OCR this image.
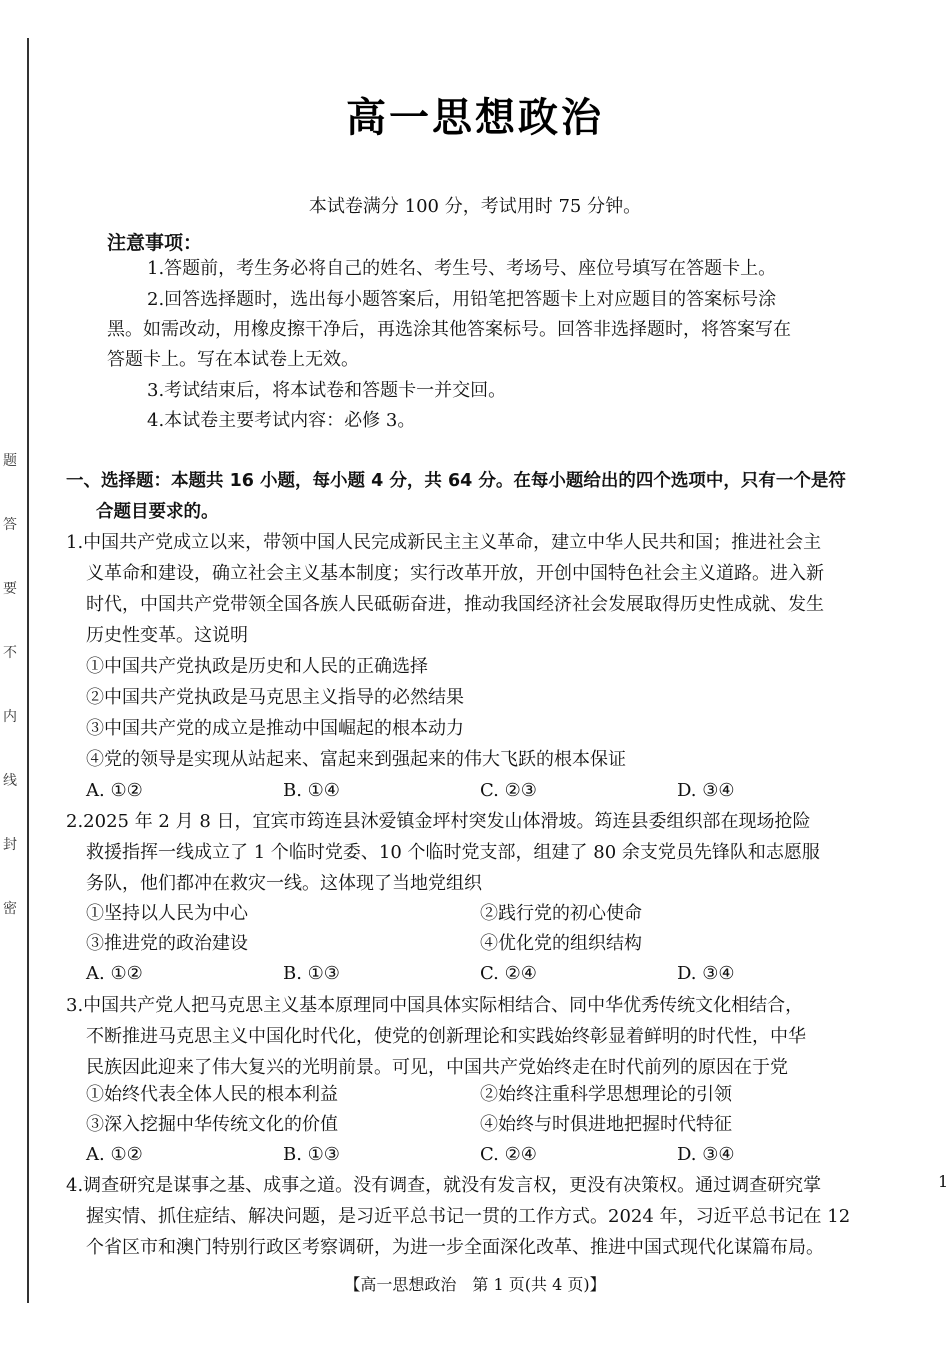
题
答
要
不
内
线
封
密
高一思想政治
本试卷满分 100 分，考试用时 75 分钟。
注意事项：
1.答题前，考生务必将自己的姓名、考生号、考场号、座位号填写在答题卡上。
2.回答选择题时，选出每小题答案后，用铅笔把答题卡上对应题目的答案标号涂
黑。如需改动，用橡皮擦干净后，再选涂其他答案标号。回答非选择题时，将答案写在
答题卡上。写在本试卷上无效。
3.考试结束后，将本试卷和答题卡一并交回。
4.本试卷主要考试内容：必修 3。
一、选择题：本题共 16 小题，每小题 4 分，共 64 分。在每小题给出的四个选项中，只有一个是符
合题目要求的。
1.中国共产党成立以来，带领中国人民完成新民主主义革命，建立中华人民共和国；推进社会主
义革命和建设，确立社会主义基本制度；实行改革开放，开创中国特色社会主义道路。进入新
时代，中国共产党带领全国各族人民砥砺奋进，推动我国经济社会发展取得历史性成就、发生
历史性变革。这说明
①中国共产党执政是历史和人民的正确选择
②中国共产党执政是马克思主义指导的必然结果
③中国共产党的成立是推动中国崛起的根本动力
④党的领导是实现从站起来、富起来到强起来的伟大飞跃的根本保证
A. ①②	B. ①④	C. ②③	D. ③④
2.2025 年 2 月 8 日，宜宾市筠连县沐爱镇金坪村突发山体滑坡。筠连县委组织部在现场抢险
救援指挥一线成立了 1 个临时党委、10 个临时党支部，组建了 80 余支党员先锋队和志愿服
务队，他们都冲在救灾一线。这体现了当地党组织
①坚持以人民为中心	②践行党的初心使命
③推进党的政治建设	④优化党的组织结构
A. ①②	B. ①③	C. ②④	D. ③④
3.中国共产党人把马克思主义基本原理同中国具体实际相结合、同中华优秀传统文化相结合，
不断推进马克思主义中国化时代化，使党的创新理论和实践始终彰显着鲜明的时代性，中华
民族因此迎来了伟大复兴的光明前景。可见，中国共产党始终走在时代前列的原因在于党
①始终代表全体人民的根本利益	②始终注重科学思想理论的引领
③深入挖掘中华传统文化的价值	④始终与时俱进地把握时代特征
A. ①②	B. ①③	C. ②④	D. ③④
4.调查研究是谋事之基、成事之道。没有调查，就没有发言权，更没有决策权。通过调查研究掌
握实情、抓住症结、解决问题，是习近平总书记一贯的工作方式。2024 年，习近平总书记在 12
个省区市和澳门特别行政区考察调研，为进一步全面深化改革、推进中国式现代化谋篇布局。
【高一思想政治　第 1 页(共 4 页)】
1
